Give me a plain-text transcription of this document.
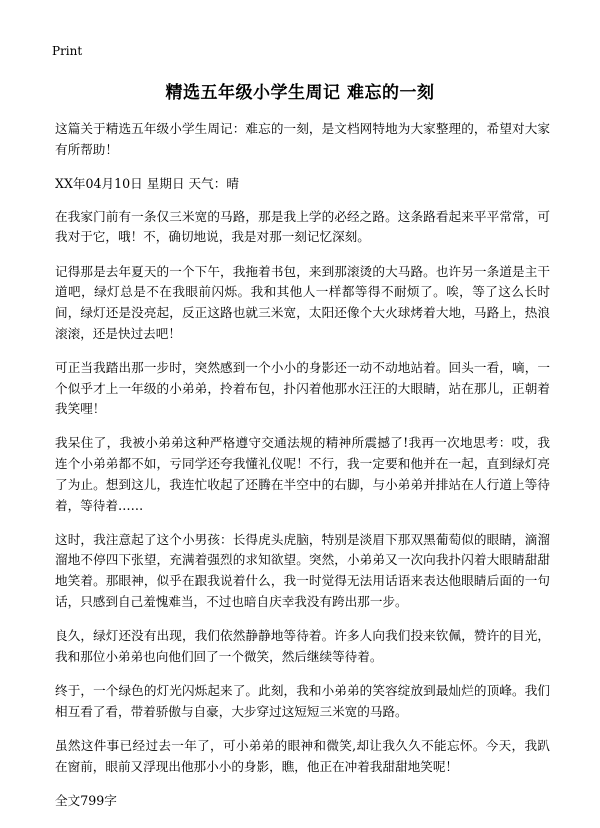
Print
精选五年级小学生周记 难忘的一刻

这篇关于精选五年级小学生周记：难忘的一刻，是文档网特地为大家整理的，希望对大家有所帮助！

XX年04月10日 星期日 天气：晴

在我家门前有一条仅三米宽的马路，那是我上学的必经之路。这条路看起来平平常常，可我对于它，哦！不，确切地说，我是对那一刻记忆深刻。

记得那是去年夏天的一个下午，我拖着书包，来到那滚烫的大马路。也许另一条道是主干道吧，绿灯总是不在我眼前闪烁。我和其他人一样都等得不耐烦了。唉，等了这么长时间，绿灯还是没亮起，反正这路也就三米宽，太阳还像个大火球烤着大地，马路上，热浪滚滚，还是快过去吧！

可正当我踏出那一步时，突然感到一个小小的身影还一动不动地站着。回头一看，嘀，一个似乎才上一年级的小弟弟，拎着布包，扑闪着他那水汪汪的大眼睛，站在那儿，正朝着我笑哩！

我呆住了，我被小弟弟这种严格遵守交通法规的精神所震撼了!我再一次地思考：哎，我连个小弟弟都不如，亏同学还夸我懂礼仪呢！不行，我一定要和他并在一起，直到绿灯亮了为止。想到这儿，我连忙收起了还腾在半空中的右脚，与小弟弟并排站在人行道上等待着，等待着……

这时，我注意起了这个小男孩：长得虎头虎脑，特别是淡眉下那双黑葡萄似的眼睛，滴溜溜地不停四下张望，充满着强烈的求知欲望。突然，小弟弟又一次向我扑闪着大眼睛甜甜地笑着。那眼神，似乎在跟我说着什么，我一时觉得无法用话语来表达他眼睛后面的一句话，只感到自己羞愧难当，不过也暗自庆幸我没有跨出那一步。

良久，绿灯还没有出现，我们依然静静地等待着。许多人向我们投来钦佩，赞许的目光，我和那位小弟弟也向他们回了一个微笑，然后继续等待着。

终于，一个绿色的灯光闪烁起来了。此刻，我和小弟弟的笑容绽放到最灿烂的顶峰。我们相互看了看，带着骄傲与自豪，大步穿过这短短三米宽的马路。

虽然这件事已经过去一年了，可小弟弟的眼神和微笑,却让我久久不能忘怀。今天，我趴在窗前，眼前又浮现出他那小小的身影，瞧，他正在冲着我甜甜地笑呢！

全文799字
